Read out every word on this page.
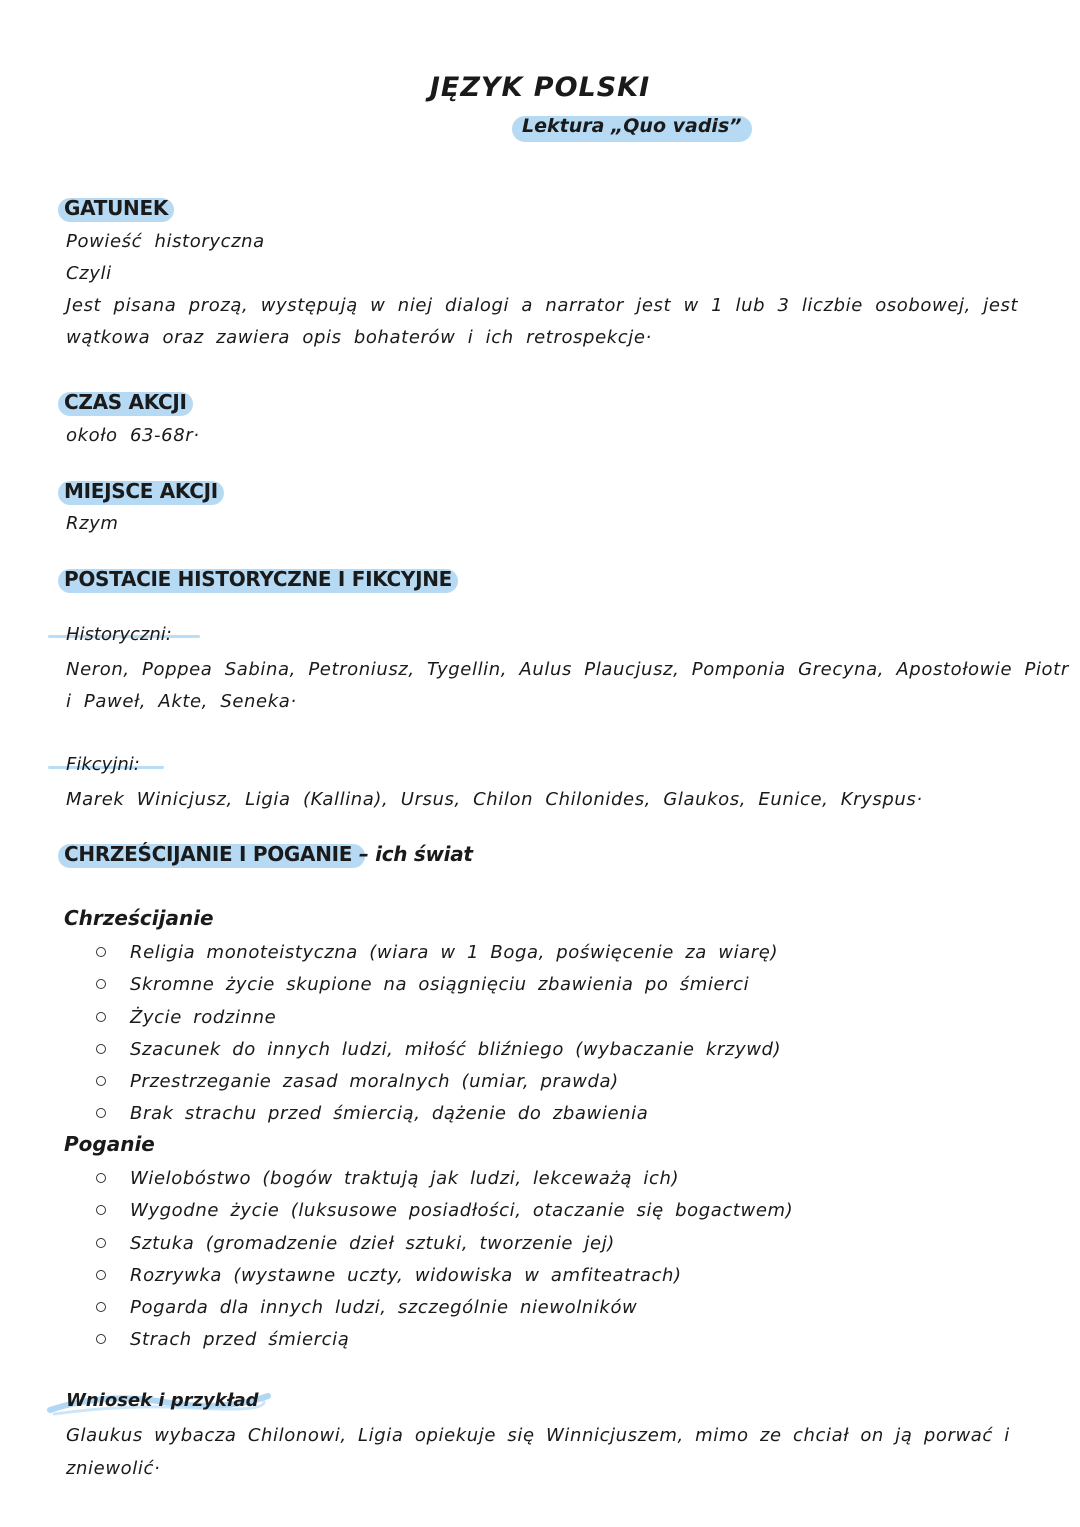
JĘZYK POLSKI
Lektura „Quo vadis”
GATUNEK
Powieść historyczna
Czyli
Jest pisana prozą, występują w niej dialogi a narrator jest w 1 lub 3 liczbie osobowej, jest
wątkowa oraz zawiera opis bohaterów i ich retrospekcje·
CZAS AKCJI
około 63-68r·
MIEJSCE AKCJI
Rzym
POSTACIE HISTORYCZNE I FIKCYJNE
Historyczni:
Neron, Poppea Sabina, Petroniusz, Tygellin, Aulus Plaucjusz, Pomponia Grecyna, Apostołowie Piotr
i Paweł, Akte, Seneka·
Fikcyjni:
Marek Winicjusz, Ligia (Kallina), Ursus, Chilon Chilonides, Glaukos, Eunice, Kryspus·
CHRZEŚCIJANIE I POGANIE – ich świat
Chrześcijanie
Religia monoteistyczna (wiara w 1 Boga, poświęcenie za wiarę)
Skromne życie skupione na osiągnięciu zbawienia po śmierci
Życie rodzinne
Szacunek do innych ludzi, miłość bliźniego (wybaczanie krzywd)
Przestrzeganie zasad moralnych (umiar, prawda)
Brak strachu przed śmiercią, dążenie do zbawienia
Poganie
Wielobóstwo (bogów traktują jak ludzi, lekceważą ich)
Wygodne życie (luksusowe posiadłości, otaczanie się bogactwem)
Sztuka (gromadzenie dzieł sztuki, tworzenie jej)
Rozrywka (wystawne uczty, widowiska w amfiteatrach)
Pogarda dla innych ludzi, szczególnie niewolników
Strach przed śmiercią
Wniosek i przykład
Glaukus wybacza Chilonowi, Ligia opiekuje się Winnicjuszem, mimo ze chciał on ją porwać i zniewolić·
